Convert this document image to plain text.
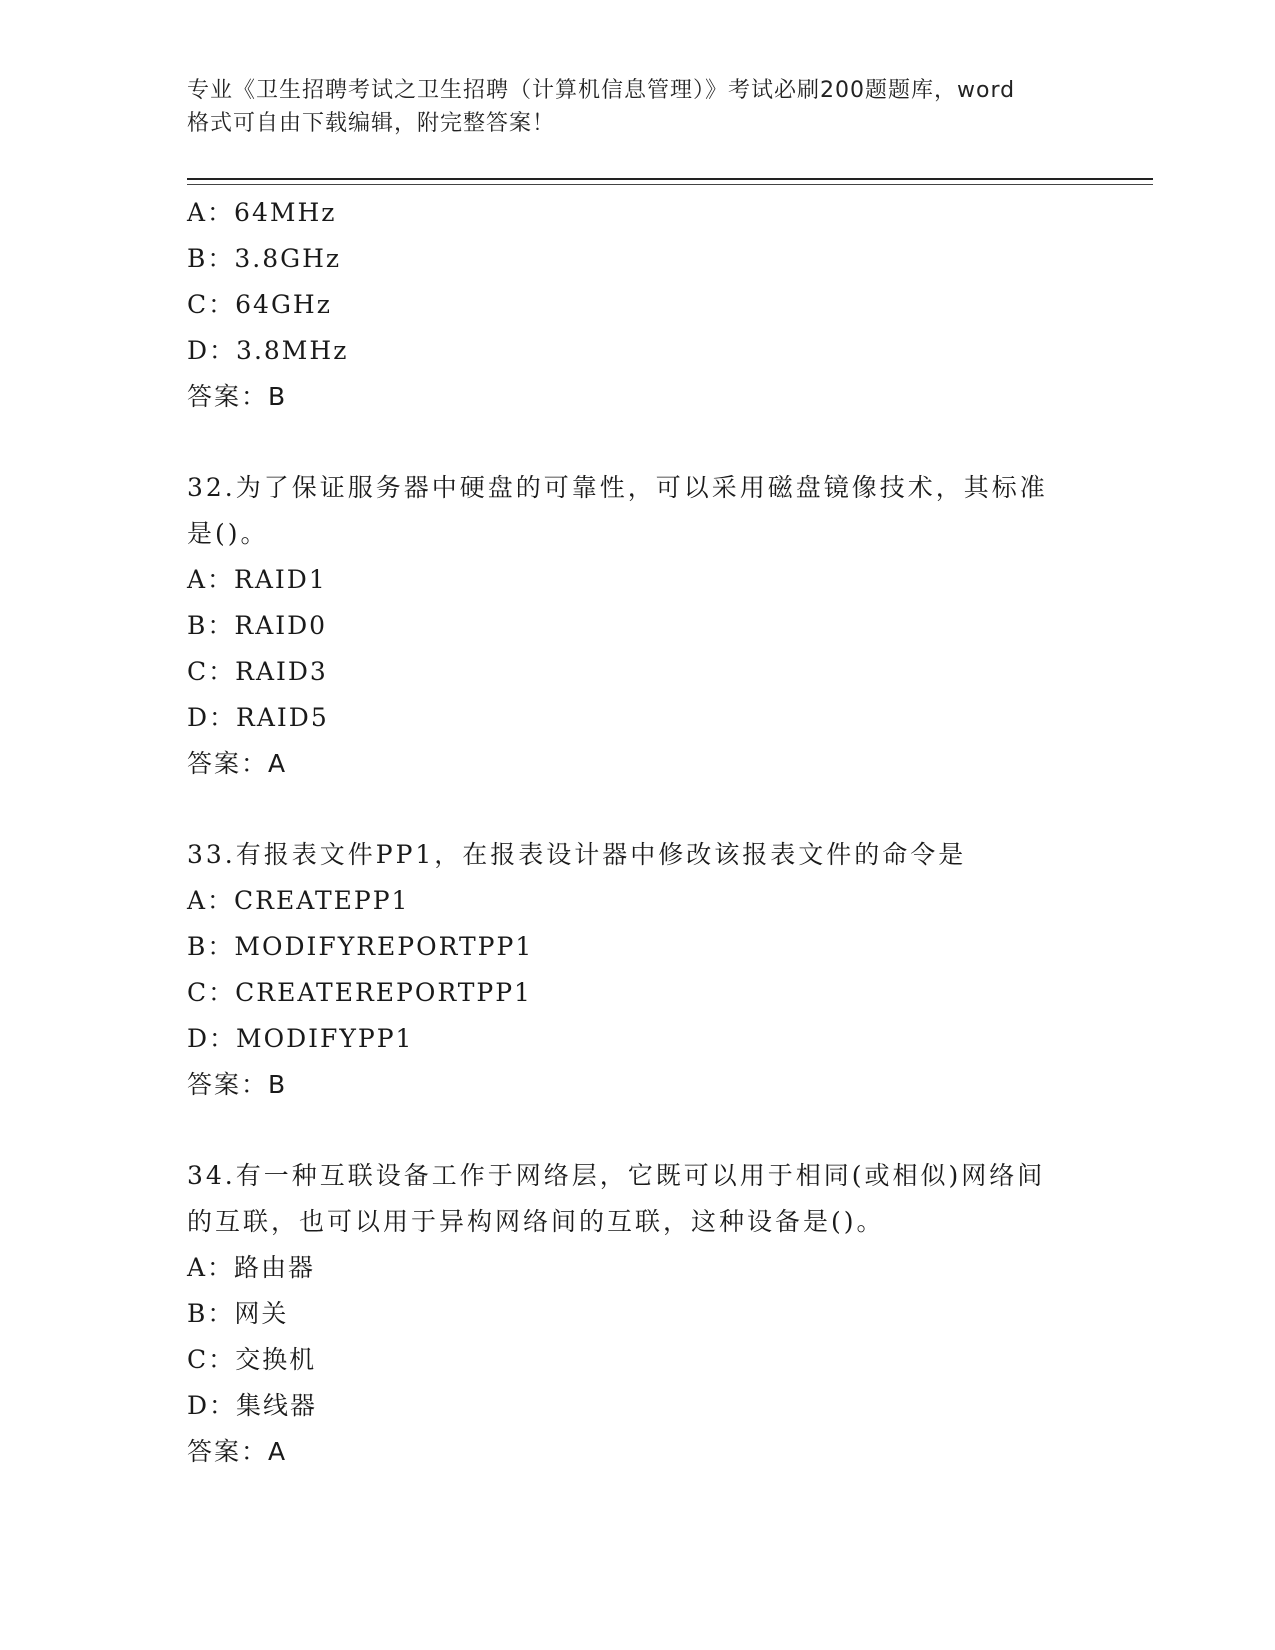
专业《卫生招聘考试之卫生招聘（计算机信息管理）》考试必刷200题题库，word
格式可自由下载编辑，附完整答案！
A：64MHz
B：3.8GHz
C：64GHz
D：3.8MHz
答案：B
32.为了保证服务器中硬盘的可靠性，可以采用磁盘镜像技术，其标准
是()。
A：RAID1
B：RAID0
C：RAID3
D：RAID5
答案：A
33.有报表文件PP1，在报表设计器中修改该报表文件的命令是
A：CREATEPP1
B：MODIFYREPORTPP1
C：CREATEREPORTPP1
D：MODIFYPP1
答案：B
34.有一种互联设备工作于网络层，它既可以用于相同(或相似)网络间
的互联，也可以用于异构网络间的互联，这种设备是()。
A：路由器
B：网关
C：交换机
D：集线器
答案：A
